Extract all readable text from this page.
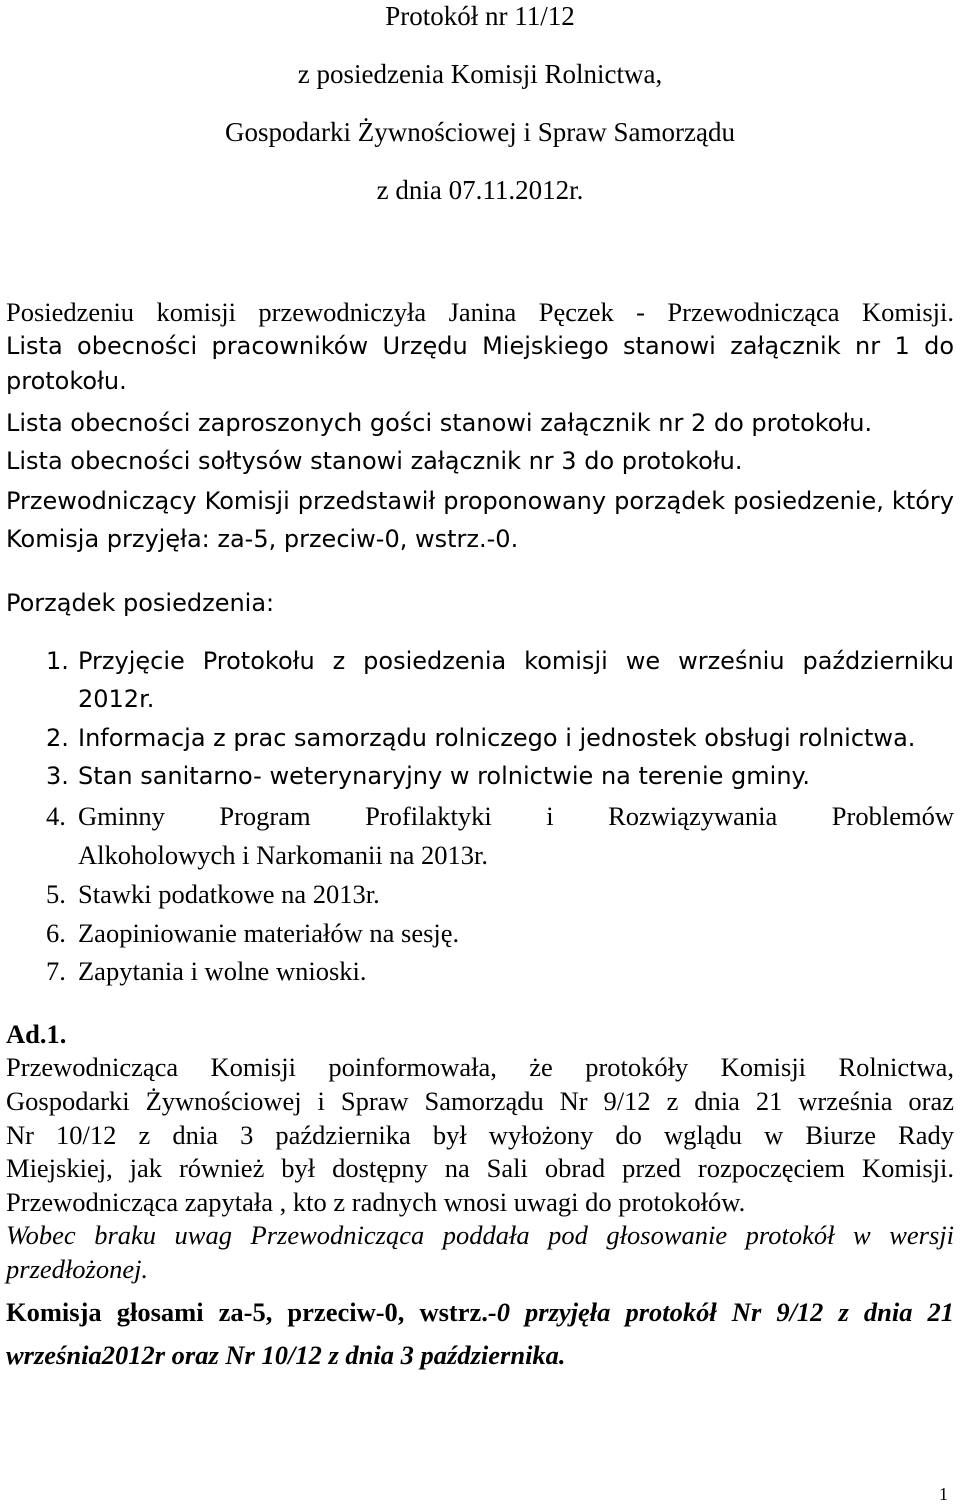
Protokół nr 11/12
z posiedzenia Komisji Rolnictwa,
Gospodarki Żywnościowej i Spraw Samorządu
z dnia 07.11.2012r.
Posiedzeniu komisji przewodniczyła Janina Pęczek - Przewodnicząca Komisji.
Lista obecności pracowników Urzędu Miejskiego stanowi załącznik nr 1 do
protokołu.
Lista obecności zaproszonych gości stanowi załącznik nr 2 do protokołu.
Lista obecności sołtysów stanowi załącznik nr 3 do protokołu.
Przewodniczący Komisji przedstawił proponowany porządek posiedzenie, który
Komisja przyjęła: za-5, przeciw-0, wstrz.-0.
Porządek posiedzenia:
1. Przyjęcie Protokołu z posiedzenia komisji we wrześniu październiku
2012r.
2. Informacja z prac samorządu rolniczego i jednostek obsługi rolnictwa.
3. Stan sanitarno- weterynaryjny w rolnictwie na terenie gminy.
4. Gminny Program Profilaktyki i Rozwiązywania Problemów
Alkoholowych i Narkomanii na 2013r.
5. Stawki podatkowe na 2013r.
6. Zaopiniowanie materiałów na sesję.
7. Zapytania i wolne wnioski.
Ad.1.
Przewodnicząca Komisji poinformowała, że protokóły Komisji Rolnictwa,
Gospodarki Żywnościowej i Spraw Samorządu Nr 9/12 z dnia 21 września oraz
Nr 10/12 z dnia 3 października był wyłożony do wglądu w Biurze Rady
Miejskiej, jak również był dostępny na Sali obrad przed rozpoczęciem Komisji.
Przewodnicząca zapytała , kto z radnych wnosi uwagi do protokołów.
Wobec braku uwag Przewodnicząca poddała pod głosowanie protokół w wersji
przedłożonej.
Komisja głosami za-5, przeciw-0, wstrz.-0 przyjęła protokół Nr 9/12 z dnia 21
września2012r oraz Nr 10/12 z dnia 3 października.
1
